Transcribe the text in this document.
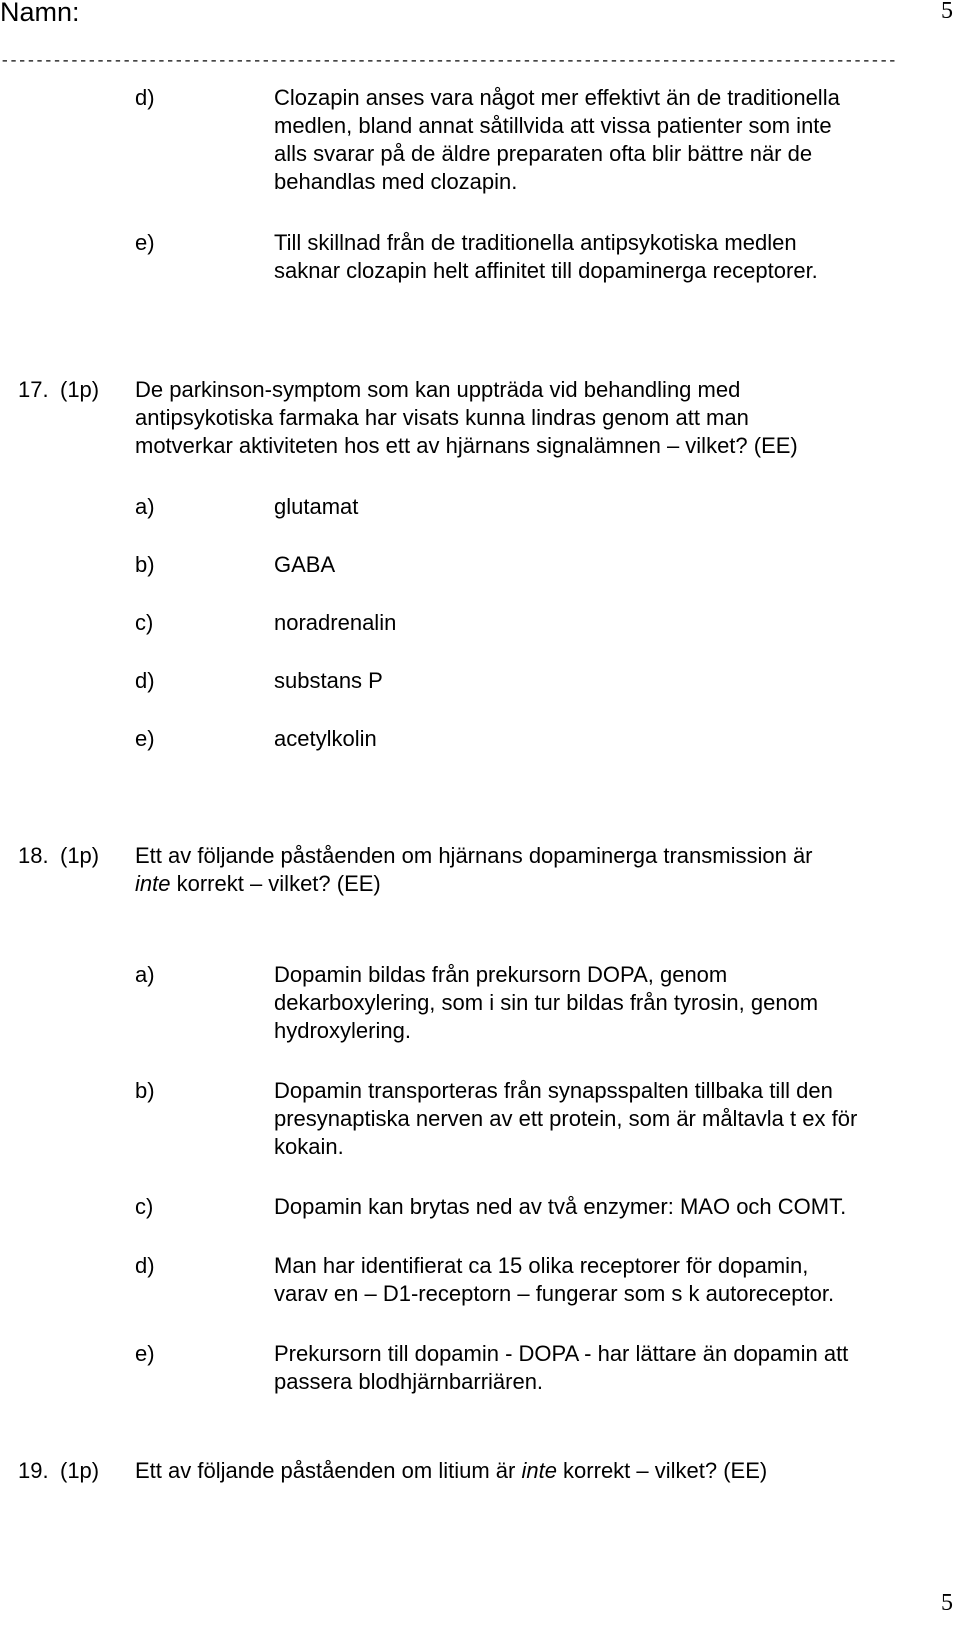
Namn:	5
-------------------------------------------------------------------------------------------------------
d)	Clozapin anses vara något mer effektivt än de traditionella
medlen, bland annat såtillvida att vissa patienter som inte
alls svarar på de äldre preparaten ofta blir bättre när de
behandlas med clozapin.
e)	Till skillnad från de traditionella antipsykotiska medlen
saknar clozapin helt affinitet till dopaminerga receptorer.
17. (1p) De parkinson-symptom som kan uppträda vid behandling med
antipsykotiska farmaka har visats kunna lindras genom att man
motverkar aktiviteten hos ett av hjärnans signalämnen – vilket? (EE)
a)	glutamat
b)	GABA
c)	noradrenalin
d)	substans P
e)	acetylkolin
18. (1p) Ett av följande påståenden om hjärnans dopaminerga transmission är
inte korrekt – vilket? (EE)
a)	Dopamin bildas från prekursorn DOPA, genom
dekarboxylering, som i sin tur bildas från tyrosin, genom
hydroxylering.
b)	Dopamin transporteras från synapsspalten tillbaka till den
presynaptiska nerven av ett protein, som är måltavla t ex för
kokain.
c)	Dopamin kan brytas ned av två enzymer: MAO och COMT.
d)	Man har identifierat ca 15 olika receptorer för dopamin,
varav en – D1-receptorn – fungerar som s k autoreceptor.
e)	Prekursorn till dopamin - DOPA - har lättare än dopamin att
passera blodhjärnbarriären.
19. (1p) Ett av följande påståenden om litium är inte korrekt – vilket? (EE)
5
